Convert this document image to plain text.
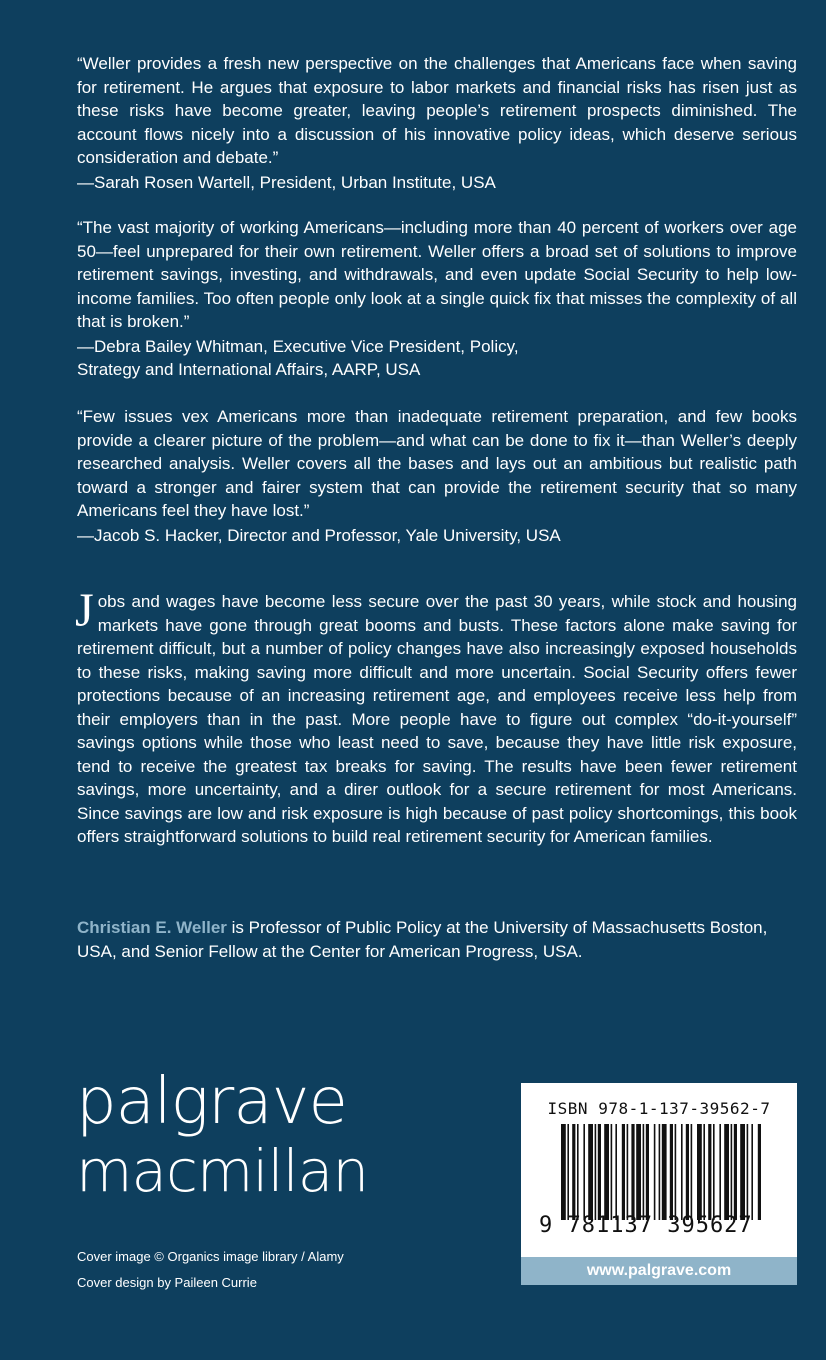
“Weller provides a fresh new perspective on the challenges that Americans face when saving for retirement. He argues that exposure to labor markets and financial risks has risen just as these risks have become greater, leaving people’s retirement prospects diminished. The account flows nicely into a discussion of his innovative policy ideas, which deserve serious consideration and debate.”

—Sarah Rosen Wartell, President, Urban Institute, USA

“The vast majority of working Americans—including more than 40 percent of workers over age 50—feel unprepared for their own retirement. Weller offers a broad set of solutions to improve retirement savings, investing, and withdrawals, and even update Social Security to help low-income families. Too often people only look at a single quick fix that misses the complexity of all that is broken.”

—Debra Bailey Whitman, Executive Vice President, Policy,

Strategy and International Affairs, AARP, USA

“Few issues vex Americans more than inadequate retirement preparation, and few books provide a clearer picture of the problem—and what can be done to fix it—than Weller’s deeply researched analysis. Weller covers all the bases and lays out an ambitious but realistic path toward a stronger and fairer system that can provide the retirement security that so many Americans feel they have lost.”

—Jacob S. Hacker, Director and Professor, Yale University, USA

Jobs and wages have become less secure over the past 30 years, while stock and housing markets have gone through great booms and busts. These factors alone make saving for retirement difficult, but a number of policy changes have also increasingly exposed households to these risks, making saving more difficult and more uncertain. Social Security offers fewer protections because of an increasing retirement age, and employees receive less help from their employers than in the past. More people have to figure out complex “do-it-yourself” savings options while those who least need to save, because they have little risk exposure, tend to receive the greatest tax breaks for saving. The results have been fewer retirement savings, more uncertainty, and a direr outlook for a secure retirement for most Americans. Since savings are low and risk exposure is high because of past policy shortcomings, this book offers straightforward solutions to build real retirement security for American families.
Christian E. Weller is Professor of Public Policy at the University of Massachusetts Boston, USA, and Senior Fellow at the Center for American Progress, USA.
palgrave
macmillan
Cover image © Organics image library / Alamy
Cover design by Paileen Currie
ISBN 978-1-137-39562-7
9 781137 395627
www.palgrave.com
